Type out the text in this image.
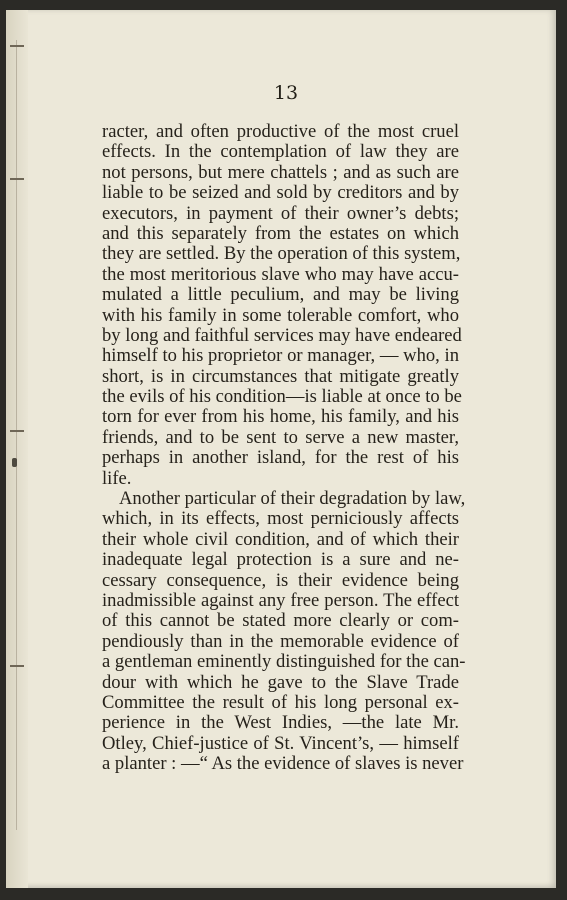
13
racter, and often productive of the most cruel
effects. In the contemplation of law they are
not persons, but mere chattels ; and as such are
liable to be seized and sold by creditors and by
executors, in payment of their owner’s debts;
and this separately from the estates on which
they are settled. By the operation of this system,
the most meritorious slave who may have accu-
mulated a little peculium, and may be living
with his family in some tolerable comfort, who
by long and faithful services may have endeared
himself to his proprietor or manager, — who, in
short, is in circumstances that mitigate greatly
the evils of his condition—is liable at once to be
torn for ever from his home, his family, and his
friends, and to be sent to serve a new master,
perhaps in another island, for the rest of his
life.
Another particular of their degradation by law,
which, in its effects, most perniciously affects
their whole civil condition, and of which their
inadequate legal protection is a sure and ne-
cessary consequence, is their evidence being
inadmissible against any free person. The effect
of this cannot be stated more clearly or com-
pendiously than in the memorable evidence of
a gentleman eminently distinguished for the can-
dour with which he gave to the Slave Trade
Committee the result of his long personal ex-
perience in the West Indies, —the late Mr.
Otley, Chief-justice of St. Vincent’s, — himself
a planter : —“ As the evidence of slaves is never
